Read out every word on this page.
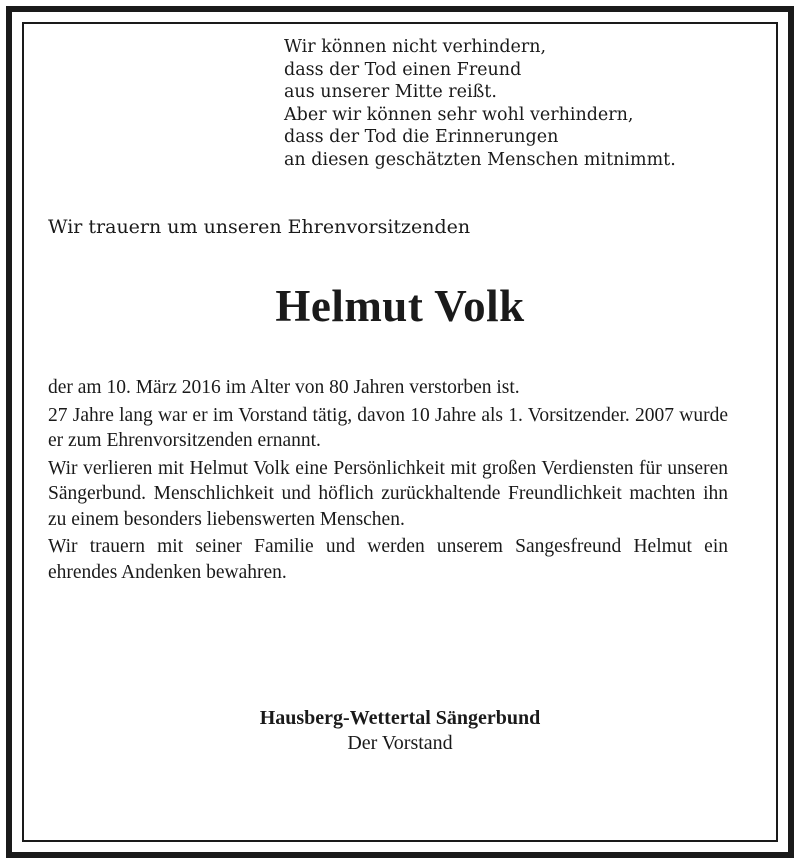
Wir können nicht verhindern,
dass der Tod einen Freund
aus unserer Mitte reißt.
Aber wir können sehr wohl verhindern,
dass der Tod die Erinnerungen
an diesen geschätzten Menschen mitnimmt.
Wir trauern um unseren Ehrenvorsitzenden
Helmut Volk

der am 10. März 2016 im Alter von 80 Jahren verstorben ist.

27 Jahre lang war er im Vorstand tätig, davon 10 Jahre als 1. Vorsitzender. 2007 wurde er zum Ehrenvorsitzenden ernannt.

Wir verlieren mit Helmut Volk eine Persönlichkeit mit großen Verdiensten für unseren Sängerbund. Menschlichkeit und höflich zurückhaltende Freundlichkeit machten ihn zu einem besonders liebenswerten Menschen.

Wir trauern mit seiner Familie und werden unserem Sangesfreund Helmut ein ehrendes Andenken bewahren.

Hausberg-Wettertal Sängerbund
Der Vorstand
